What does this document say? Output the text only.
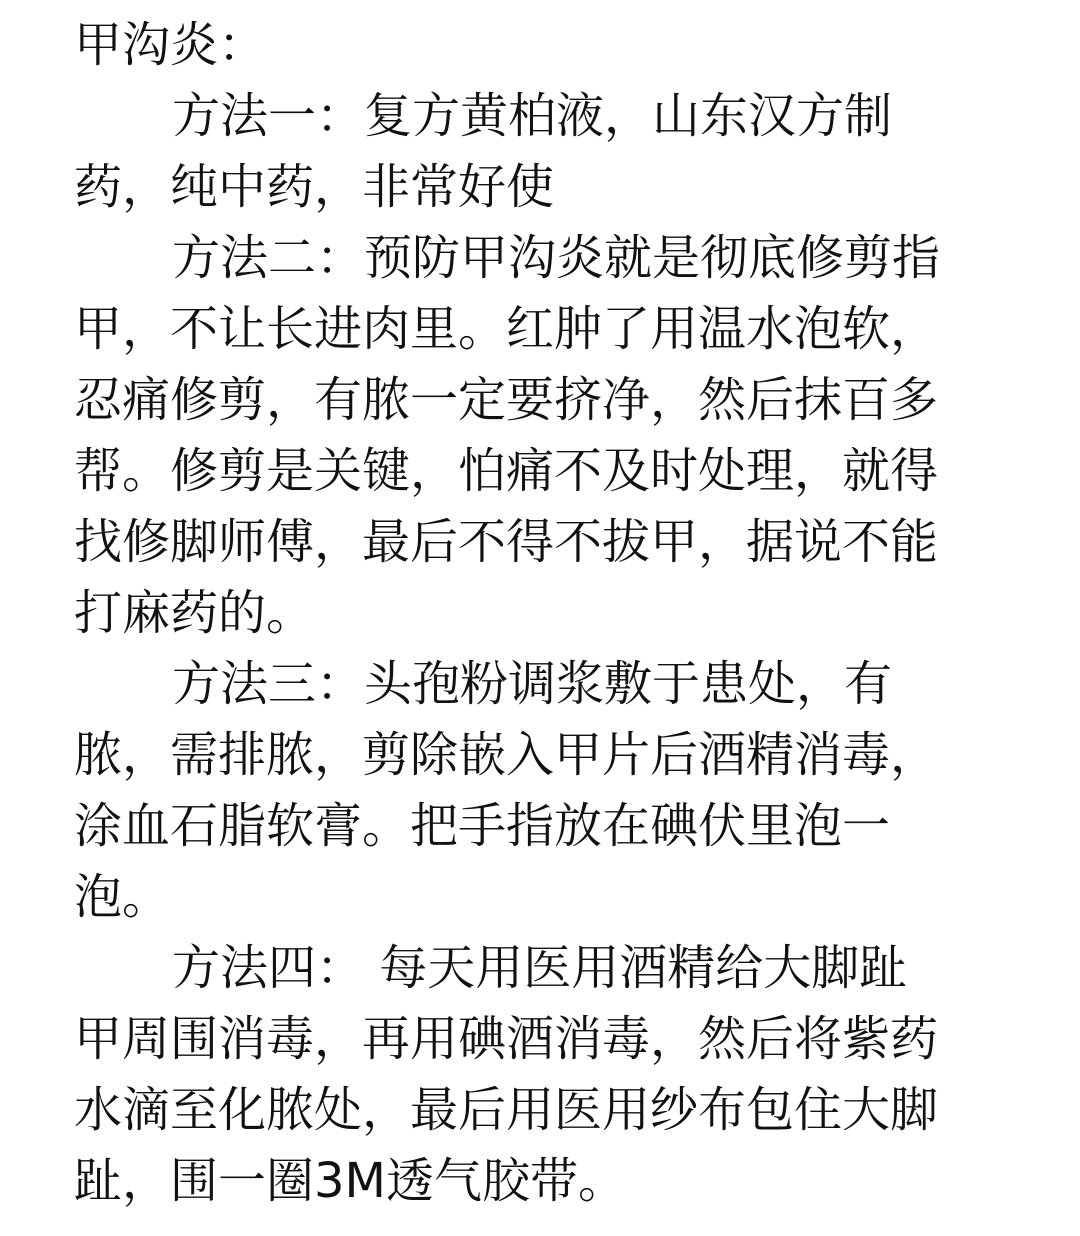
甲沟炎：
方法一：复方黄柏液，山东汉方制
药，纯中药，非常好使
方法二：预防甲沟炎就是彻底修剪指
甲，不让长进肉里。红肿了用温水泡软，
忍痛修剪，有脓一定要挤净，然后抹百多
帮。修剪是关键，怕痛不及时处理，就得
找修脚师傅，最后不得不拔甲，据说不能
打麻药的。
方法三：头孢粉调浆敷于患处，有
脓，需排脓，剪除嵌入甲片后酒精消毒，
涂血石脂软膏。把手指放在碘伏里泡一
泡。
方法四： 每天用医用酒精给大脚趾
甲周围消毒，再用碘酒消毒，然后将紫药
水滴至化脓处，最后用医用纱布包住大脚
趾，围一圈3M透气胶带。
